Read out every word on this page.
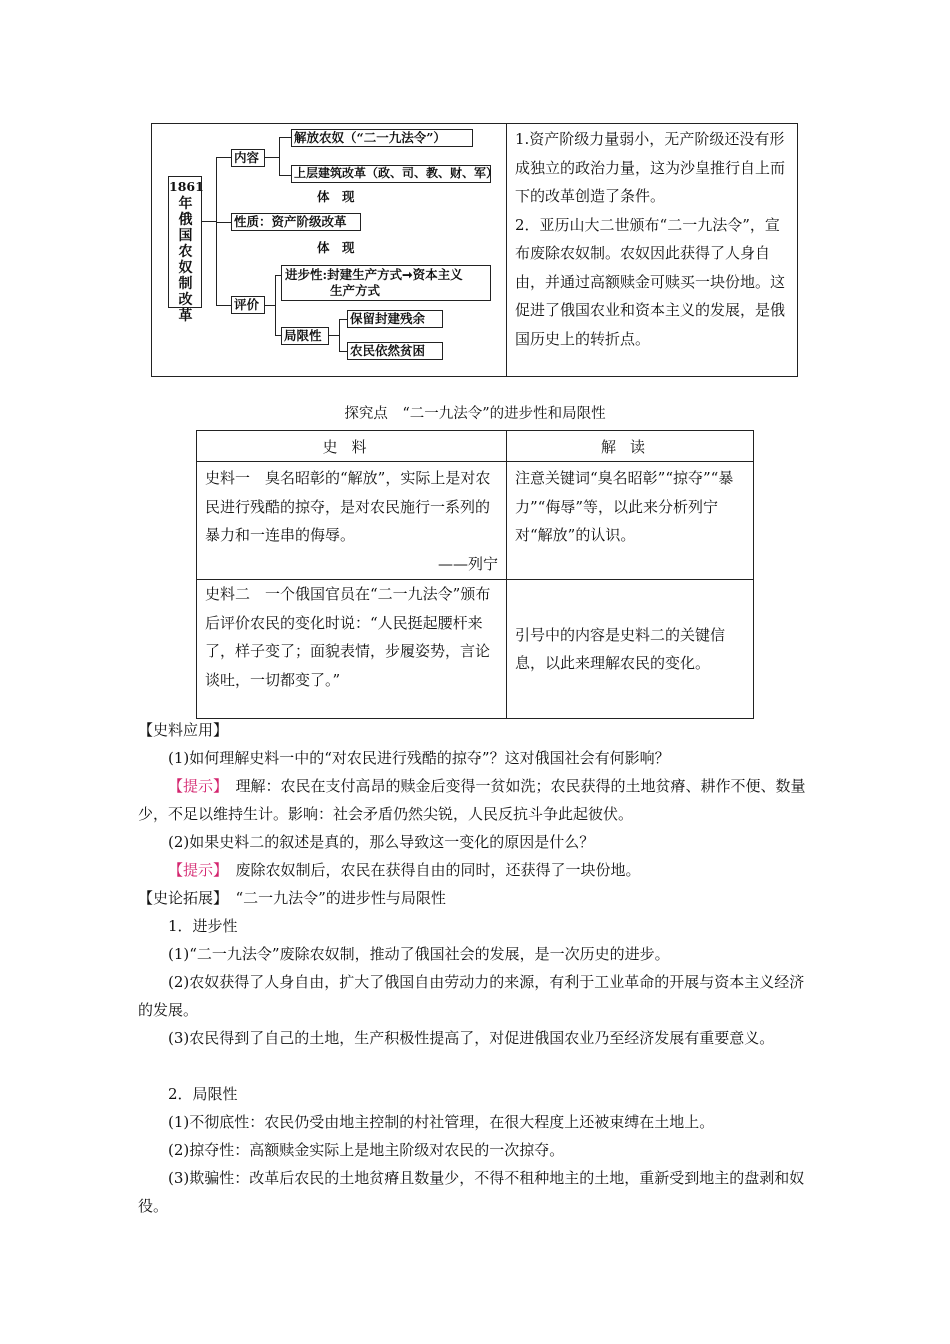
1861
年俄国农奴制改革
内容
解放农奴（“二一九法令”）
上层建筑改革（政、司、教、财、军）
体　现
性质：资产阶级改革
体　现
评价
进步性:封建生产方式➞资本主义
生产方式
局限性
保留封建残余
农民依然贫困

1.资产阶级力量弱小，无产阶级还没有形成独立的政治力量，这为沙皇推行自上而下的改革创造了条件。

2．亚历山大二世颁布“二一九法令”，宣布废除农奴制。农奴因此获得了人身自由，并通过高额赎金可赎买一块份地。这促进了俄国农业和资本主义的发展，是俄国历史上的转折点。

探究点　“二一九法令”的进步性和局限性
史料	解读

史料一　臭名昭彰的“解放”，实际上是对农民进行残酷的掠夺，是对农民施行一系列的暴力和一连串的侮辱。
——列宁	注意关键词“臭名昭彰”“掠夺”“暴力”“侮辱”等，以此来分析列宁对“解放”的认识。

史料二　一个俄国官员在“二一九法令”颁布后评价农民的变化时说：“人民挺起腰杆来了，样子变了；面貌表情，步履姿势，言论谈吐，一切都变了。”	引号中的内容是史料二的关键信息，以此来理解农民的变化。
【史料应用】
(1)如何理解史料一中的“对农民进行残酷的掠夺”？这对俄国社会有何影响？
【提示】　理解：农民在支付高昂的赎金后变得一贫如洗；农民获得的土地贫瘠、耕作不便、数量少，不足以维持生计。影响：社会矛盾仍然尖锐，人民反抗斗争此起彼伏。
(2)如果史料二的叙述是真的，那么导致这一变化的原因是什么？
【提示】　废除农奴制后，农民在获得自由的同时，还获得了一块份地。
【史论拓展】　“二一九法令”的进步性与局限性
1．进步性
(1)“二一九法令”废除农奴制，推动了俄国社会的发展，是一次历史的进步。
(2)农奴获得了人身自由，扩大了俄国自由劳动力的来源，有利于工业革命的开展与资本主义经济的发展。
(3)农民得到了自己的土地，生产积极性提高了，对促进俄国农业乃至经济发展有重要意义。
2．局限性
(1)不彻底性：农民仍受由地主控制的村社管理，在很大程度上还被束缚在土地上。
(2)掠夺性：高额赎金实际上是地主阶级对农民的一次掠夺。
(3)欺骗性：改革后农民的土地贫瘠且数量少，不得不租种地主的土地，重新受到地主的盘剥和奴役。
